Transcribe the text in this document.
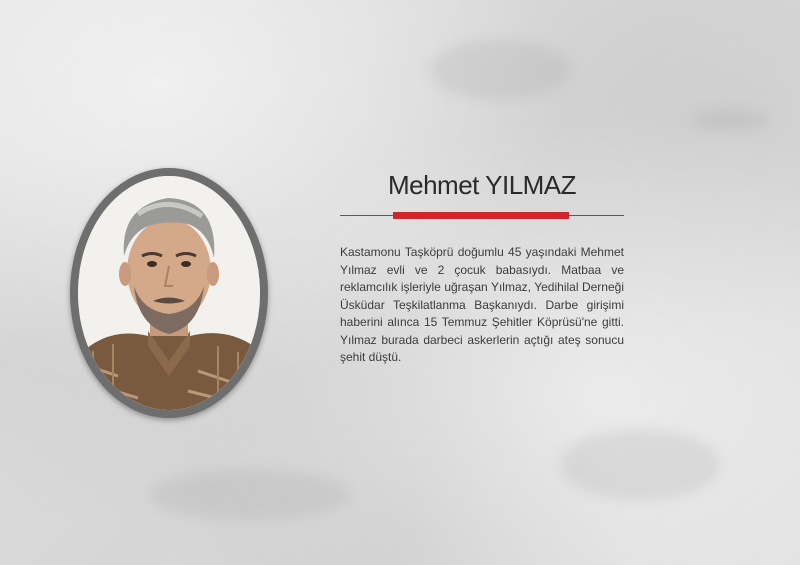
Mehmet YILMAZ
Kastamonu Taşköprü doğumlu 45 yaşındaki Mehmet Yılmaz evli ve 2 çocuk babasıydı. Matbaa ve reklamcılık işleriyle uğraşan Yılmaz, Yedihilal Derneği Üsküdar Teşkilatlanma Başkanıydı. Darbe girişimi haberini alınca 15 Temmuz Şehitler Köprüsü'ne gitti. Yılmaz burada darbeci askerlerin açtığı ateş sonucu şehit düştü.
